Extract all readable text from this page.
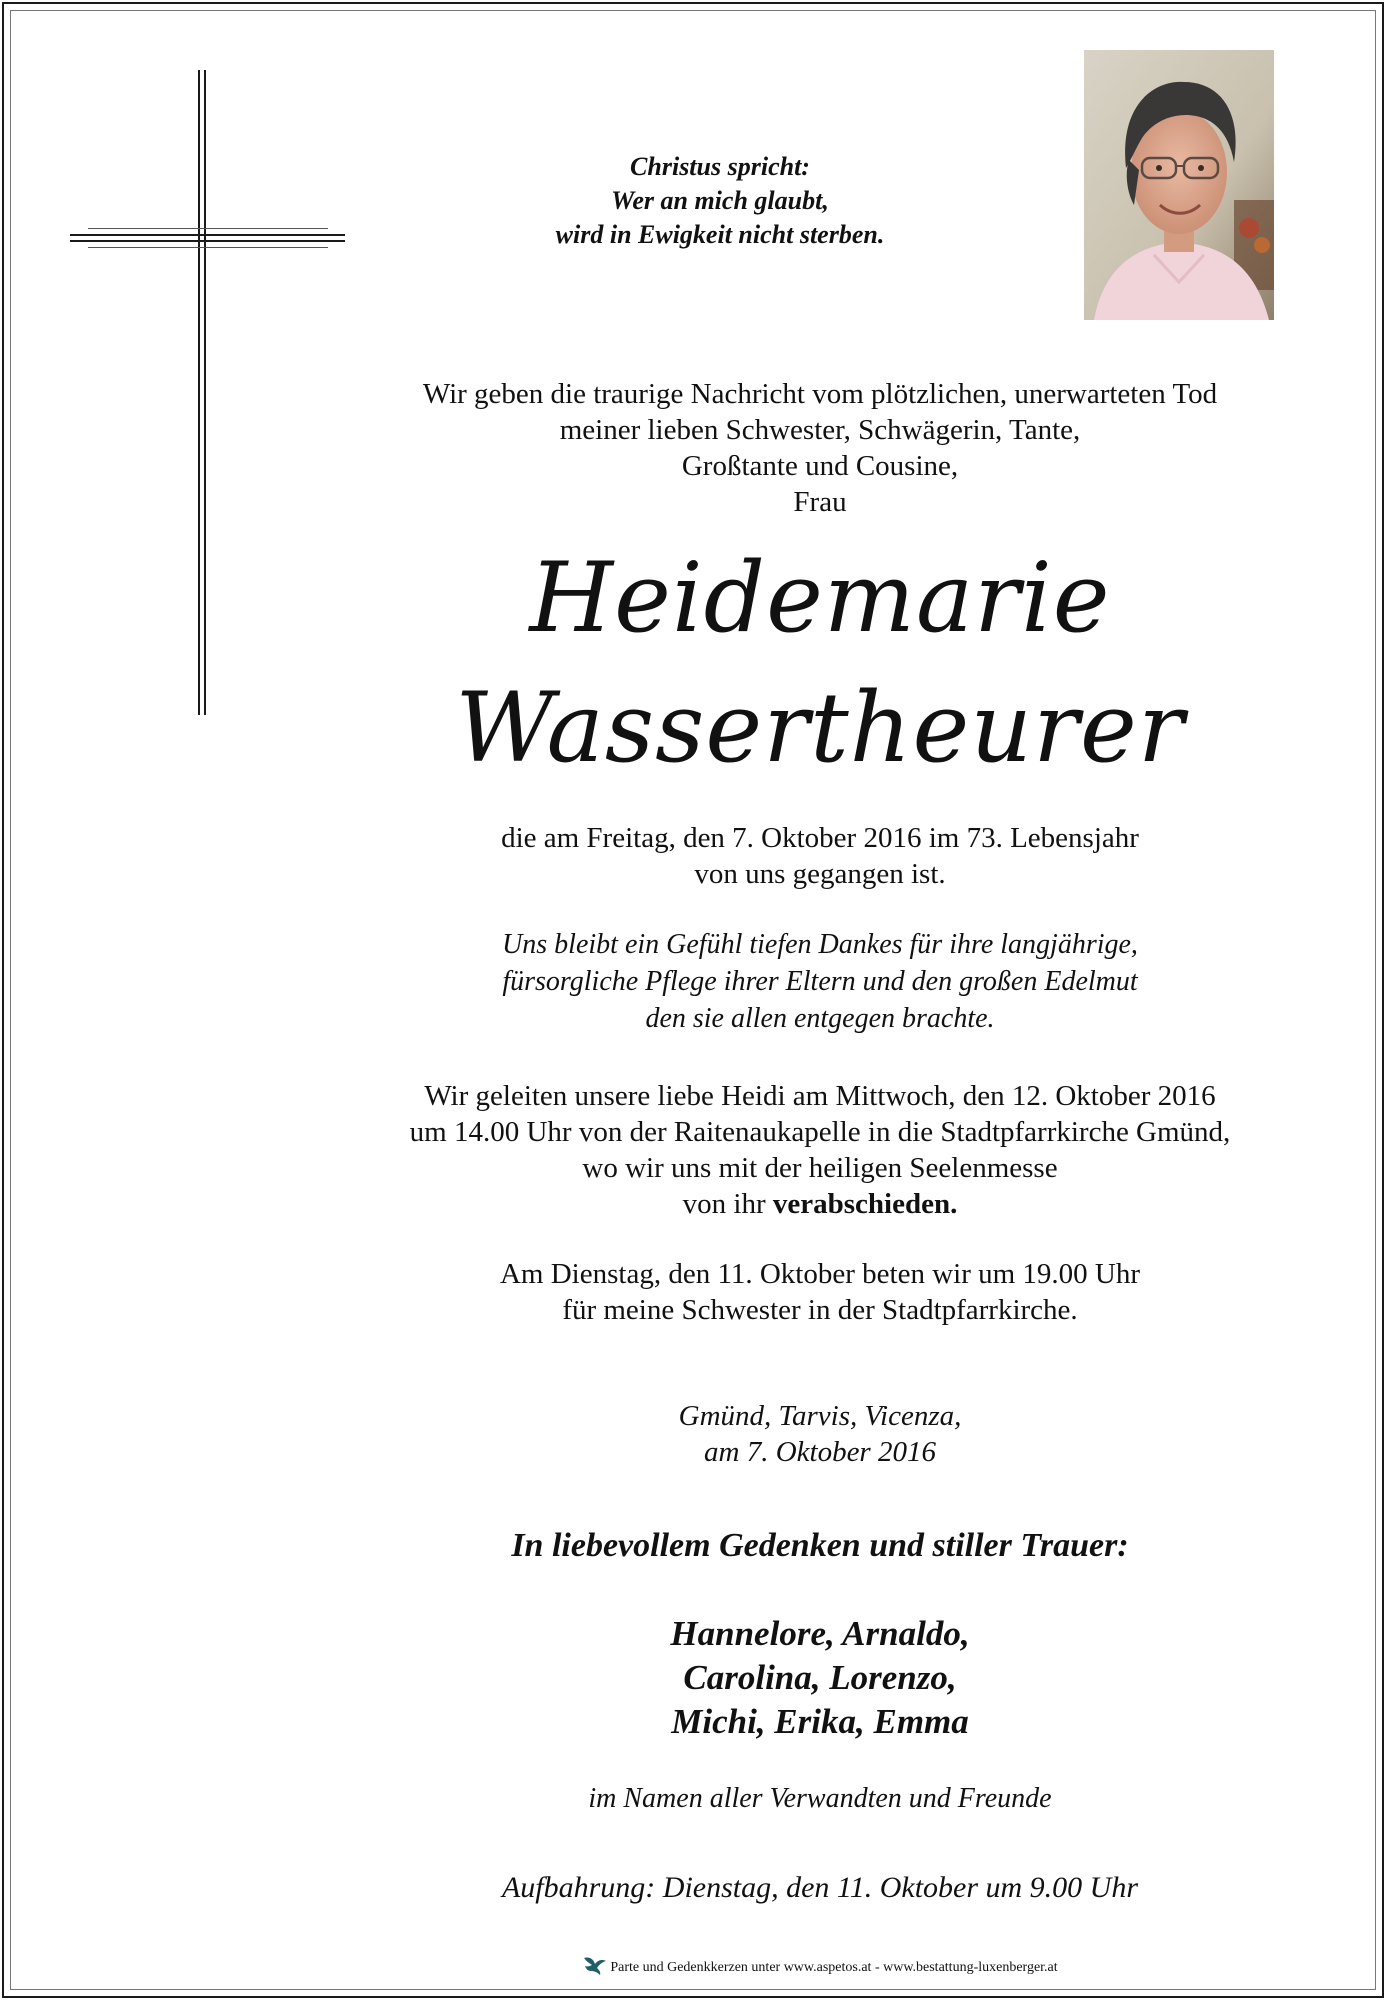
Christus spricht:
Wer an mich glaubt,
wird in Ewigkeit nicht sterben.
Wir geben die traurige Nachricht vom plötzlichen, unerwarteten Tod
meiner lieben Schwester, Schwägerin, Tante,
Großtante und Cousine,
Frau
Heidemarie
Wassertheurer
die am Freitag, den 7. Oktober 2016 im 73. Lebensjahr
von uns gegangen ist.
Uns bleibt ein Gefühl tiefen Dankes für ihre langjährige,
fürsorgliche Pflege ihrer Eltern und den großen Edelmut
den sie allen entgegen brachte.
Wir geleiten unsere liebe Heidi am Mittwoch, den 12. Oktober 2016
um 14.00 Uhr von der Raitenaukapelle in die Stadtpfarrkirche Gmünd,
wo wir uns mit der heiligen Seelenmesse
von ihr verabschieden.
Am Dienstag, den 11. Oktober beten wir um 19.00 Uhr
für meine Schwester in der Stadtpfarrkirche.
Gmünd, Tarvis, Vicenza,
am 7. Oktober 2016
In liebevollem Gedenken und stiller Trauer:
Hannelore, Arnaldo,
Carolina, Lorenzo,
Michi, Erika, Emma
im Namen aller Verwandten und Freunde
Aufbahrung: Dienstag, den 11. Oktober um 9.00 Uhr
Parte und Gedenkkerzen unter www.aspetos.at - www.bestattung-luxenberger.at
